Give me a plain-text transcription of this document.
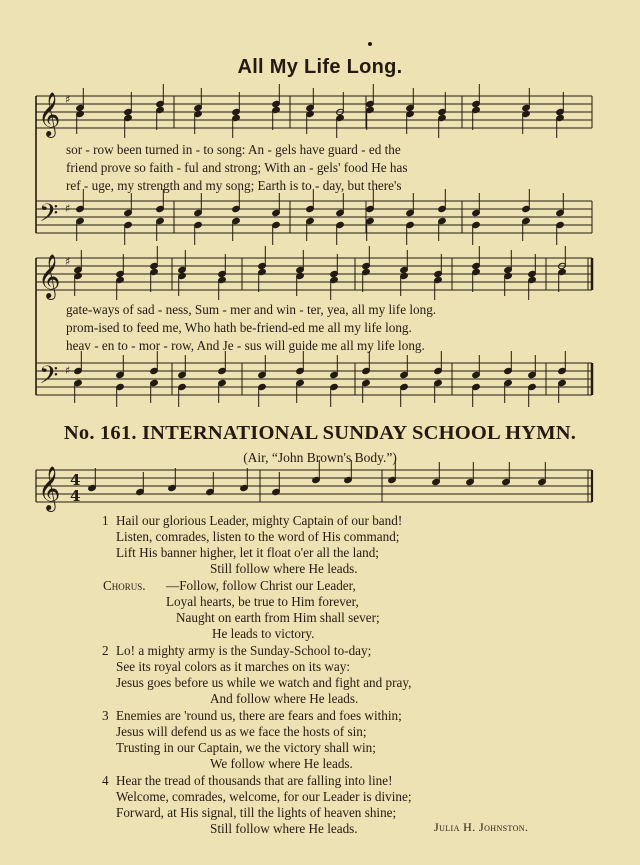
All My Life Long.
𝄞
𝄢
♯
♯
𝄞
𝄢
♯
♯
𝄞 4
4
sor - row been turned in - to song: An - gels have guard - ed the
friend prove so faith - ful and strong; With an - gels' food He has
ref - uge, my strength and my song; Earth is to - day, but there's
gate-ways of sad - ness, Sum - mer and win - ter, yea, all my life long.
prom-ised to feed me, Who hath be-friend-ed me all my life long.
heav - en to - mor - row, And Je - sus will guide me all my life long.
No. 161. INTERNATIONAL SUNDAY SCHOOL HYMN.
(Air, “John Brown's Body.”)
1 Hail our glorious Leader, mighty Captain of our band!
Listen, comrades, listen to the word of His command;
Lift His banner higher, let it float o'er all the land;
Still follow where He leads.
Chorus. —Follow, follow Christ our Leader,
Loyal hearts, be true to Him forever,
Naught on earth from Him shall sever;
He leads to victory.
2 Lo! a mighty army is the Sunday-School to-day;
See its royal colors as it marches on its way:
Jesus goes before us while we watch and fight and pray,
And follow where He leads.
3 Enemies are 'round us, there are fears and foes within;
Jesus will defend us as we face the hosts of sin;
Trusting in our Captain, we the victory shall win;
We follow where He leads.
4 Hear the tread of thousands that are falling into line!
Welcome, comrades, welcome, for our Leader is divine;
Forward, at His signal, till the lights of heaven shine;
Still follow where He leads.	Julia H. Johnston.
